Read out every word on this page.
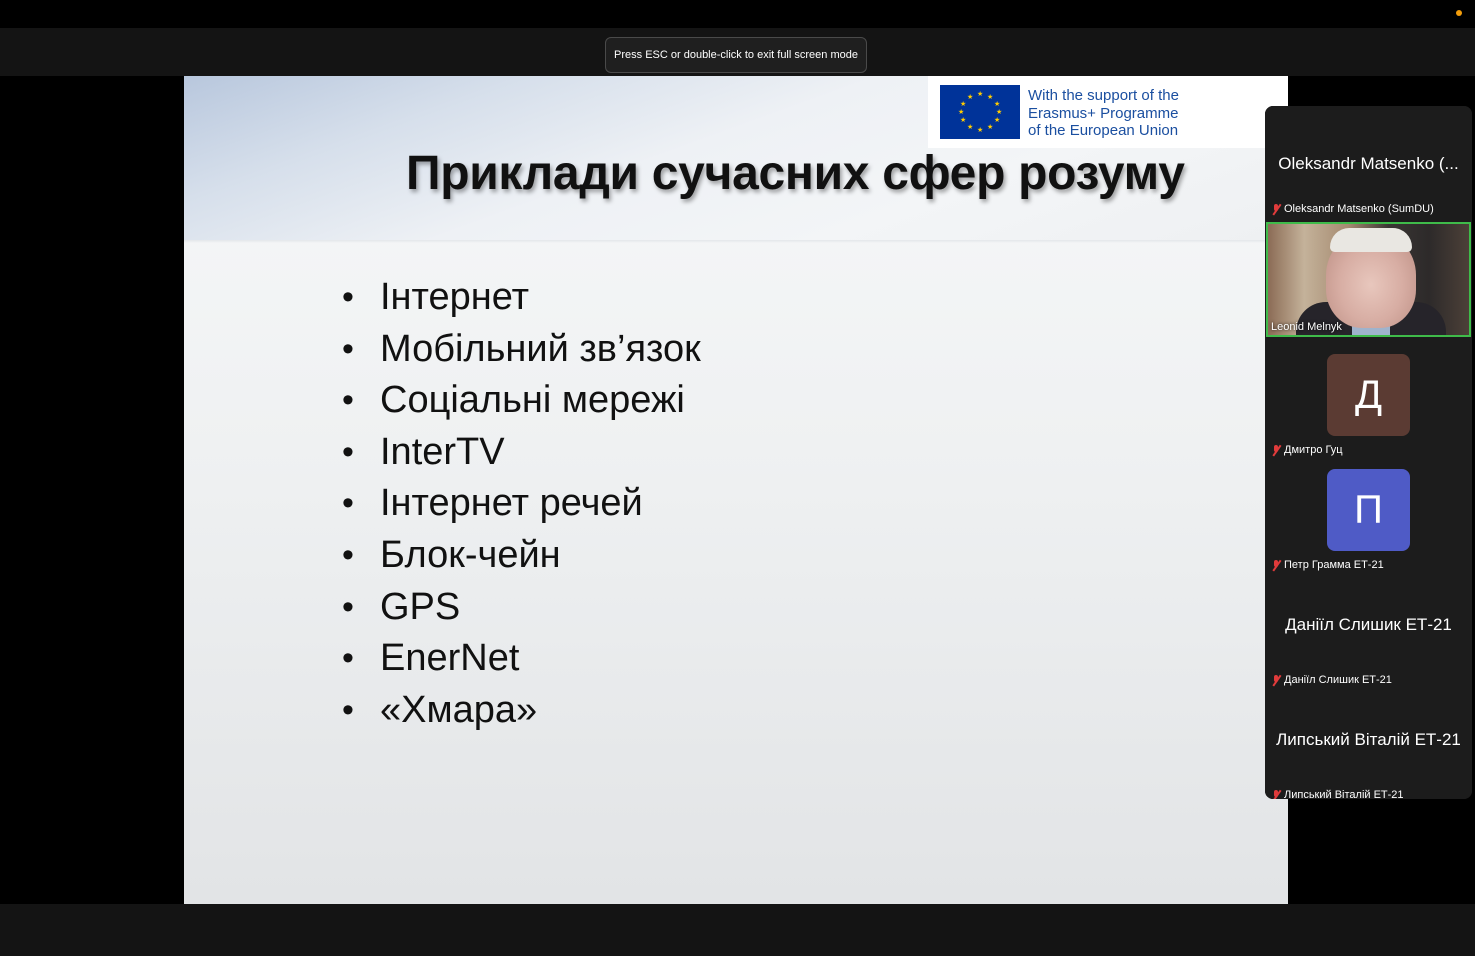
Press ESC or double-click to exit full screen mode
★ ★
★
★
★
★
★
★
★
★
★
★	With the support of the
Erasmus+ Programme
of the European Union
Приклади сучасних сфер розуму
• Інтернет
• Мобільний зв’язок
• Соціальні мережі
• InterTV
• Інтернет речей
• Блок-чейн
• GPS
• EnerNet
• «Хмара»
Oleksandr Matsenko (...
Oleksandr Matsenko (SumDU)
Leonid Melnyk
Д
Дмитро Гуц
П
Петр Грамма ЕТ-21
Даніїл Слишик ЕТ-21
Даніїл Слишик ЕТ-21
Липський Віталій ЕТ-21
Липський Віталій ЕТ-21
